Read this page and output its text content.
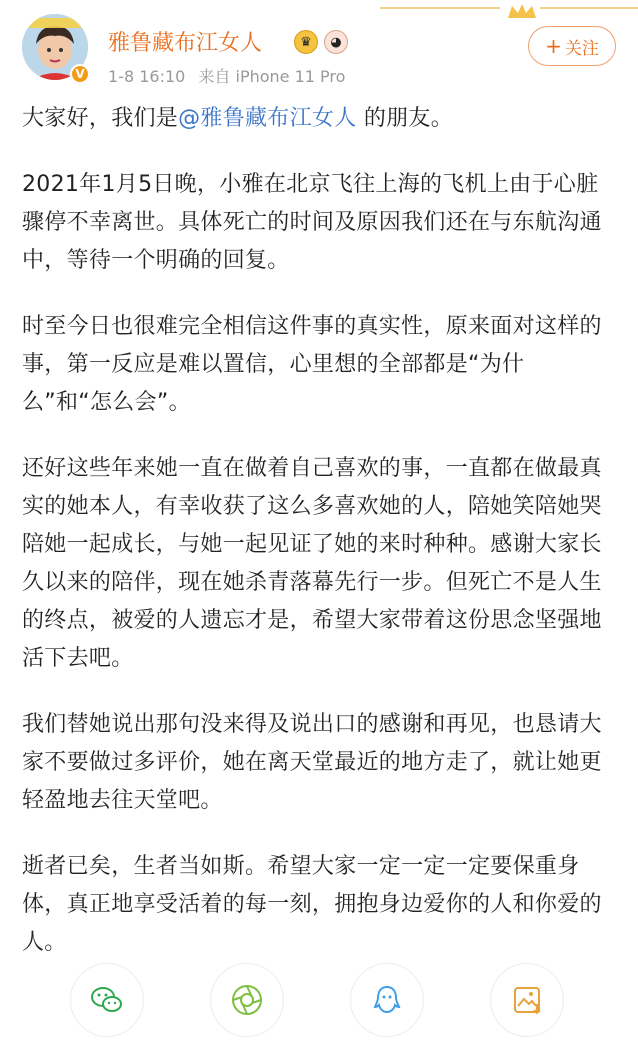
V
雅鲁藏布江女人	♛	◕
1-8 16:10 来自 iPhone 11 Pro
+ 关注

大家好，我们是@雅鲁藏布江女人 的朋友。

2021年1月5日晚，小雅在北京飞往上海的飞机上由于心脏骤停不幸离世。具体死亡的时间及原因我们还在与东航沟通中，等待一个明确的回复。

时至今日也很难完全相信这件事的真实性，原来面对这样的事，第一反应是难以置信，心里想的全部都是“为什么”和“怎么会”。

还好这些年来她一直在做着自己喜欢的事，一直都在做最真实的她本人，有幸收获了这么多喜欢她的人，陪她笑陪她哭陪她一起成长，与她一起见证了她的来时种种。感谢大家长久以来的陪伴，现在她杀青落幕先行一步。但死亡不是人生的终点，被爱的人遗忘才是，希望大家带着这份思念坚强地活下去吧。

我们替她说出那句没来得及说出口的感谢和再见，也恳请大家不要做过多评价，她在离天堂最近的地方走了，就让她更轻盈地去往天堂吧。

逝者已矣，生者当如斯。希望大家一定一定一定要保重身体，真正地享受活着的每一刻，拥抱身边爱你的人和你爱的人。
